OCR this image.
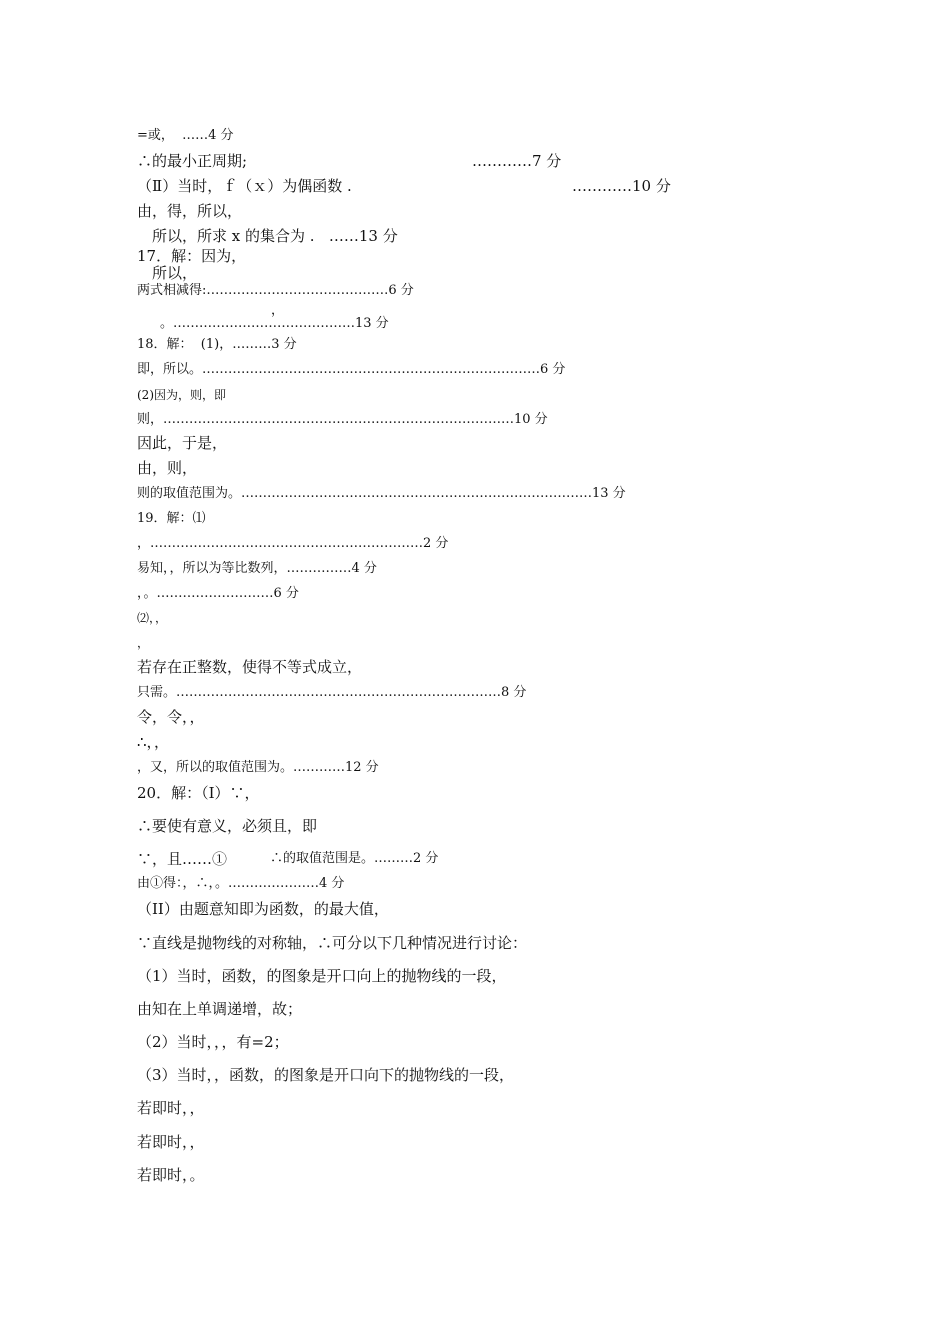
=或，  ……4 分
∴的最小正周期;	…………7 分
（Ⅱ）当时，ｆ（ｘ）为偶函数 .	…………10 分
由，得，所以，
所以，所求 x 的集合为 .   ……13 分
17．解：因为，
所以，
两式相减得:……………………………………6 分
，
。……………………………………13 分
18．解：  (1)，………3 分
即，所以。……………………………………………………………………6 分
(2)因为，则，即
则，………………………………………………………………………10 分
因此，于是，
由，则，
则的取值范围为。………………………………………………………………………13 分
19．解：⑴
，………………………………………………………2 分
易知，，所以为等比数列，……………4 分
，。………………………6 分
⑵，，
，
若存在正整数，使得不等式成立，
只需。…………………………………………………………………8 分
令，令，，
∴，，
，又，所以的取值范围为。…………12 分
20．解：（I）∵，
∴要使有意义，必须且，即
∵，且……①	∴的取值范围是。………2 分
由①得：，∴，。…………………4 分
（II）由题意知即为函数，的最大值，
∵直线是抛物线的对称轴，∴可分以下几种情况进行讨论：
（1）当时，函数，的图象是开口向上的抛物线的一段，
由知在上单调递增，故；
（2）当时，，，有=2；
（3）当时，，函数，的图象是开口向下的抛物线的一段，
若即时，，
若即时，，
若即时，。
